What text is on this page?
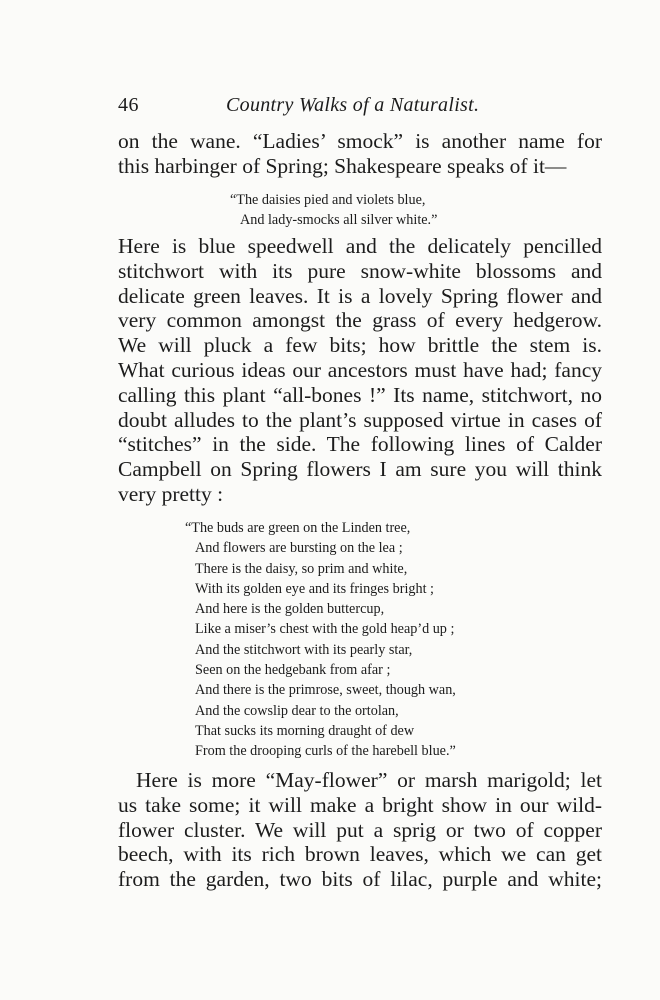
46	Country Walks of a Naturalist.
on the wane. “Ladies’ smock” is another name for
this harbinger of Spring; Shakespeare speaks of it—
“The daisies pied and violets blue,
And lady-smocks all silver white.”
Here is blue speedwell and the delicately pencilled
stitchwort with its pure snow-white blossoms and
delicate green leaves. It is a lovely Spring flower and
very common amongst the grass of every hedgerow.
We will pluck a few bits; how brittle the stem is.
What curious ideas our ancestors must have had; fancy
calling this plant “all-bones !” Its name, stitchwort, no
doubt alludes to the plant’s supposed virtue in cases of
“stitches” in the side. The following lines of Calder
Campbell on Spring flowers I am sure you will think
very pretty :
“The buds are green on the Linden tree,
And flowers are bursting on the lea ;
There is the daisy, so prim and white,
With its golden eye and its fringes bright ;
And here is the golden buttercup,
Like a miser’s chest with the gold heap’d up ;
And the stitchwort with its pearly star,
Seen on the hedgebank from afar ;
And there is the primrose, sweet, though wan,
And the cowslip dear to the ortolan,
That sucks its morning draught of dew
From the drooping curls of the harebell blue.”
Here is more “May-flower” or marsh marigold; let
us take some; it will make a bright show in our wild-
flower cluster. We will put a sprig or two of copper
beech, with its rich brown leaves, which we can get
from the garden, two bits of lilac, purple and white;
